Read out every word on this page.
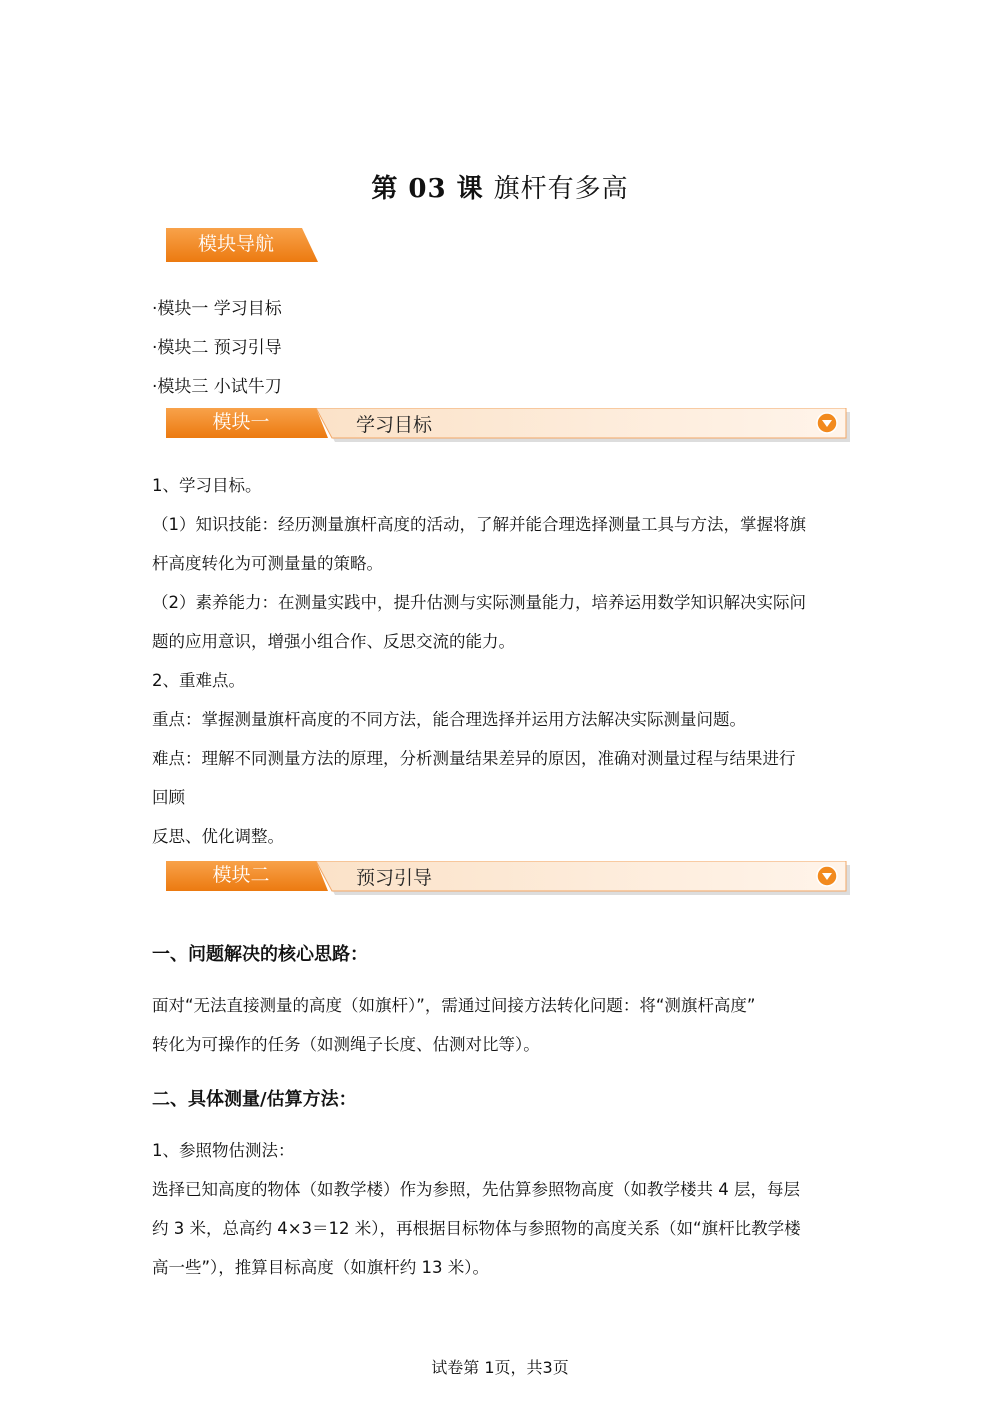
第 03 课 旗杆有多高
模块导航
·模块一 学习目标
·模块二 预习引导
·模块三 小试牛刀
模块一	学习目标

1、学习目标。

（1）知识技能：经历测量旗杆高度的活动，了解并能合理选择测量工具与方法，掌握将旗

杆高度转化为可测量量的策略。

（2）素养能力：在测量实践中，提升估测与实际测量能力，培养运用数学知识解决实际问

题的应用意识，增强小组合作、反思交流的能力。

2、重难点。

重点：掌握测量旗杆高度的不同方法，能合理选择并运用方法解决实际测量问题。

难点：理解不同测量方法的原理，分析测量结果差异的原因，准确对测量过程与结果进行

回顾

反思、优化调整。

模块二	预习引导
一、问题解决的核心思路：

面对“无法直接测量的高度（如旗杆）”，需通过间接方法转化问题：将“测旗杆高度”

转化为可操作的任务（如测绳子长度、估测对比等）。

二、具体测量/估算方法：

1、参照物估测法：

选择已知高度的物体（如教学楼）作为参照，先估算参照物高度（如教学楼共 4 层，每层

约 3 米，总高约 4×3＝12 米），再根据目标物体与参照物的高度关系（如“旗杆比教学楼

高一些”），推算目标高度（如旗杆约 13 米）。

试卷第 1页，共3页
